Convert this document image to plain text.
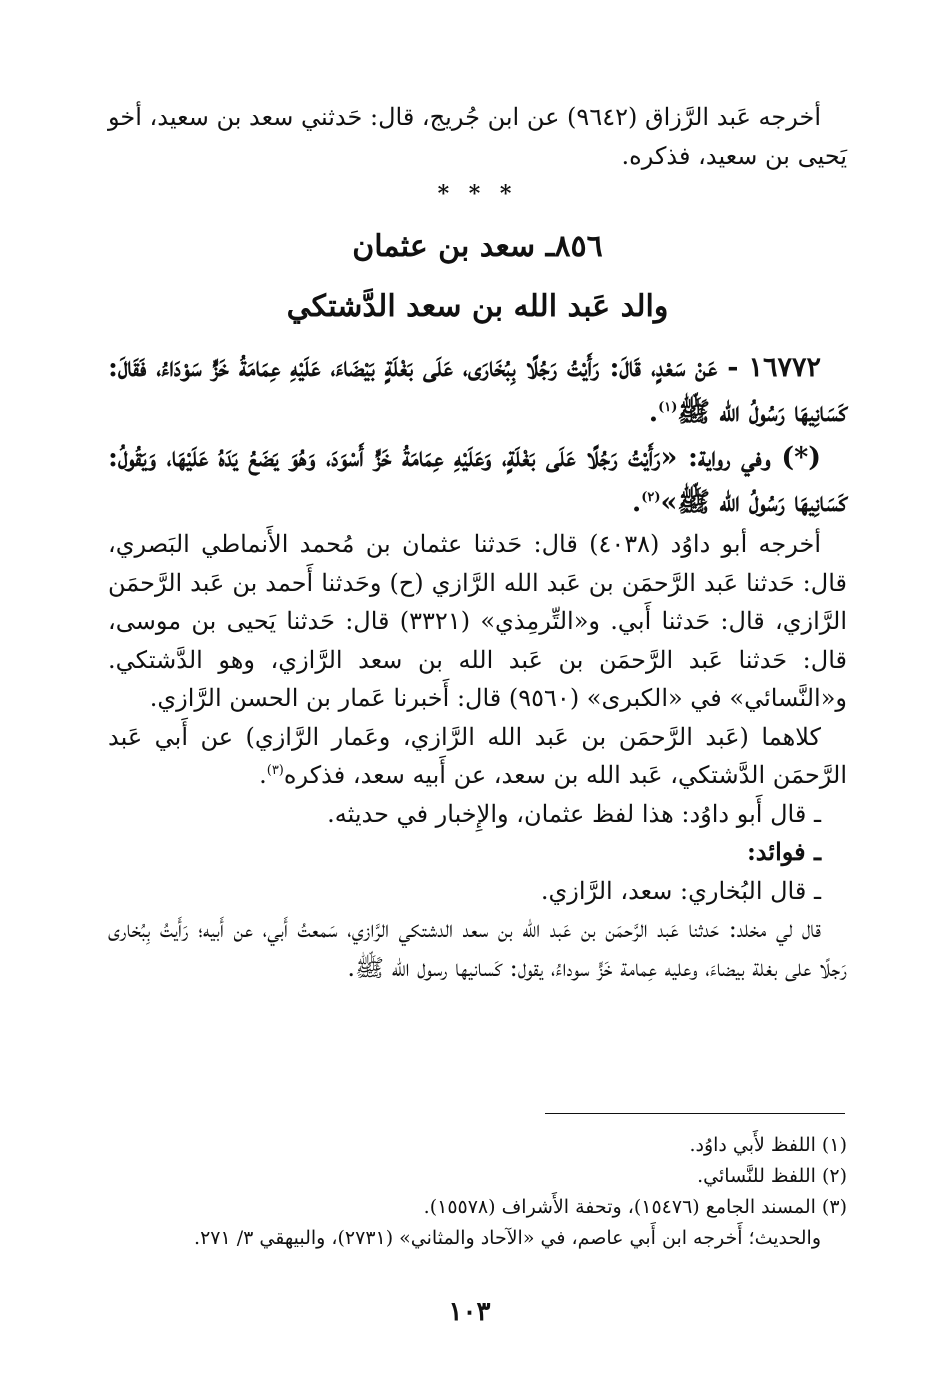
أخرجه عَبد الرَّزاق (٩٦٤٢) عن ابن جُريج، قال: حَدثني سعد بن سعيد، أخو يَحيى بن سعيد، فذكره.

* * *

٨٥٦ـ سعد بن عثمان

والد عَبد الله بن سعد الدَّشتكي

١٦٧٧٢ - عَنْ سَعْدٍ، قَالَ: رَأَيْتُ رَجُلًا بِبُخَارَى، عَلَى بَغْلَةٍ بَيْضَاءَ، عَلَيْهِ عِمَامَةُ خَزٍّ سَوْدَاءُ، فَقَالَ: كَسَانِيهَا رَسُولُ الله ﷺ$^{(١)}$.

(*) وفي رواية: «رَأَيْتُ رَجُلًا عَلَى بَغْلَةٍ، وَعَلَيْهِ عِمَامَةُ خَزٍّ أَسْوَدَ، وَهُوَ يَضَعُ يَدَهُ عَلَيْهَا، وَيَقُولُ: كَسَانِيهَا رَسُولُ الله ﷺ»$^{(٢)}$.

أخرجه أبو داوُد (٤٠٣٨) قال: حَدثنا عثمان بن مُحمد الأَنماطي البَصري، قال: حَدثنا عَبد الرَّحمَن بن عَبد الله الرَّازي (ح) وحَدثنا أَحمد بن عَبد الرَّحمَن الرَّازي، قال: حَدثنا أَبي. و«التِّرمِذي» (٣٣٢١) قال: حَدثنا يَحيى بن موسى، قال: حَدثنا عَبد الرَّحمَن بن عَبد الله بن سعد الرَّازي، وهو الدَّشتكي. و«النَّسائي» في «الكبرى» (٩٥٦٠) قال: أَخبرنا عَمار بن الحسن الرَّازي.

كلاهما (عَبد الرَّحمَن بن عَبد الله الرَّازي، وعَمار الرَّازي) عن أَبي عَبد الرَّحمَن الدَّشتكي، عَبد الله بن سعد، عن أَبيه سعد، فذكره$^{(٣)}$.

ـ قال أَبو داوُد: هذا لفظ عثمان، والإِخبار في حديثه.

ـ فوائد:

ـ قال البُخاري: سعد، الرَّازي.

قال لي مخلد: حَدثنا عَبد الرَّحمَن بن عَبد الله بن سعد الدشتكي الرَّازي، سَمعتُ أَبي، عن أَبيه؛ رَأَيتُ بِبُخارى رَجلًا على بغلة بيضاءَ، وعليه عِمامة خَزٍّ سوداءُ، يقول: كَسانيها رسول الله ﷺ.

(١) اللفظ لأَبي داوُد.

(٢) اللفظ للنَّسائي.

(٣) المسند الجامع (١٥٤٧٦)، وتحفة الأَشراف (١٥٥٧٨).

والحديث؛ أَخرجه ابن أَبي عاصم، في «الآحاد والمثاني» (٢٧٣١)، والبيهقي ٣/ ٢٧١.

١٠٣
